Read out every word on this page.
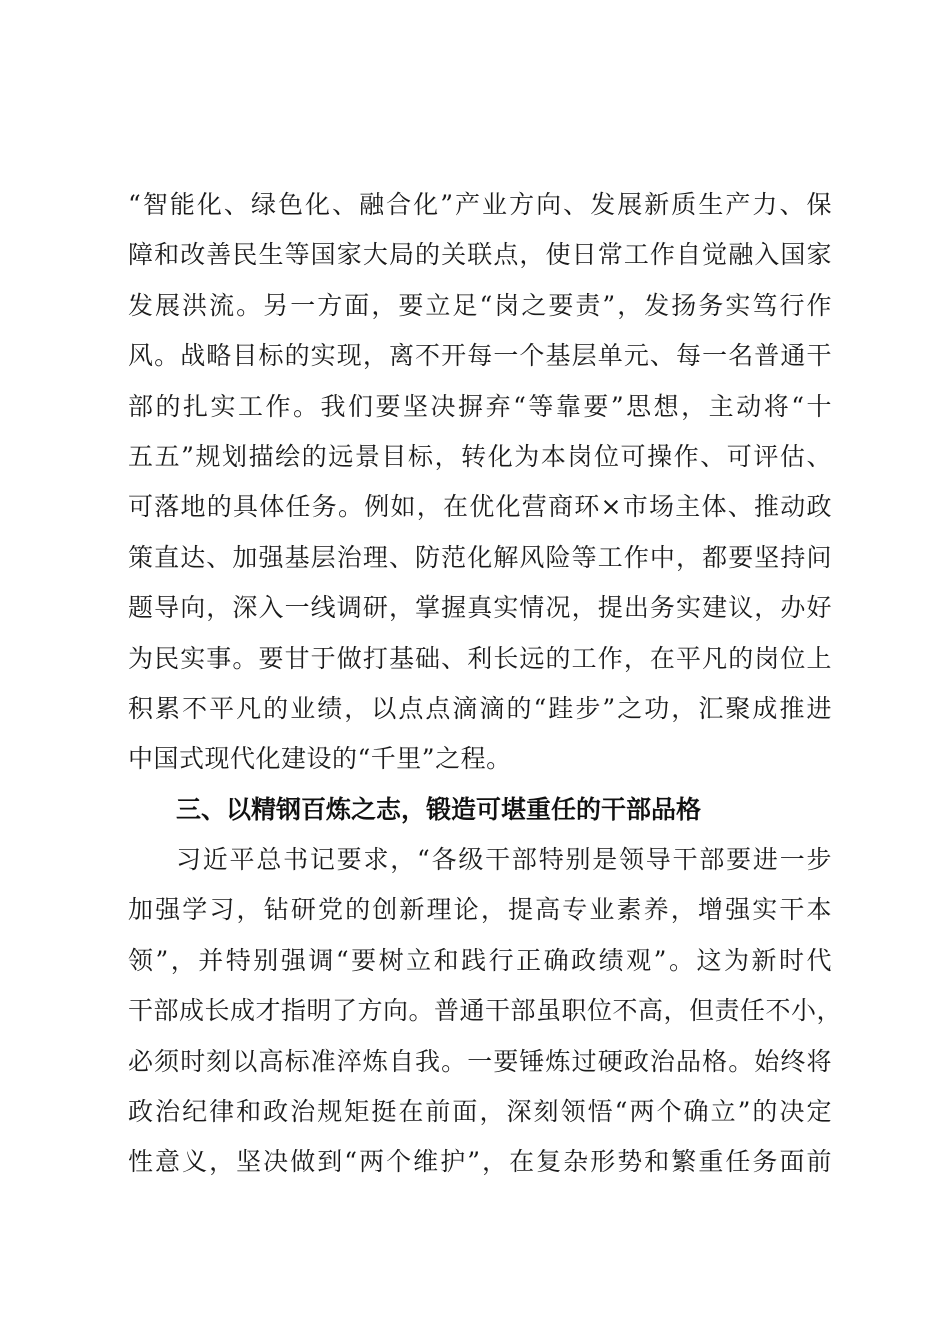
“智能化、绿色化、融合化”产业方向、发展新质生产力、保
障和改善民生等国家大局的关联点，使日常工作自觉融入国家
发展洪流。另一方面，要立足“岗之要责”，发扬务实笃行作
风。战略目标的实现，离不开每一个基层单元、每一名普通干
部的扎实工作。我们要坚决摒弃“等靠要”思想，主动将“十
五五”规划描绘的远景目标，转化为本岗位可操作、可评估、
可落地的具体任务。例如，在优化营商环×市场主体、推动政
策直达、加强基层治理、防范化解风险等工作中，都要坚持问
题导向，深入一线调研，掌握真实情况，提出务实建议，办好
为民实事。要甘于做打基础、利长远的工作，在平凡的岗位上
积累不平凡的业绩，以点点滴滴的“跬步”之功，汇聚成推进
中国式现代化建设的“千里”之程。
三、以精钢百炼之志，锻造可堪重任的干部品格
习近平总书记要求，“各级干部特别是领导干部要进一步
加强学习，钻研党的创新理论，提高专业素养，增强实干本
领”，并特别强调“要树立和践行正确政绩观”。这为新时代
干部成长成才指明了方向。普通干部虽职位不高，但责任不小，
必须时刻以高标准淬炼自我。一要锤炼过硬政治品格。始终将
政治纪律和政治规矩挺在前面，深刻领悟“两个确立”的决定
性意义，坚决做到“两个维护”，在复杂形势和繁重任务面前
